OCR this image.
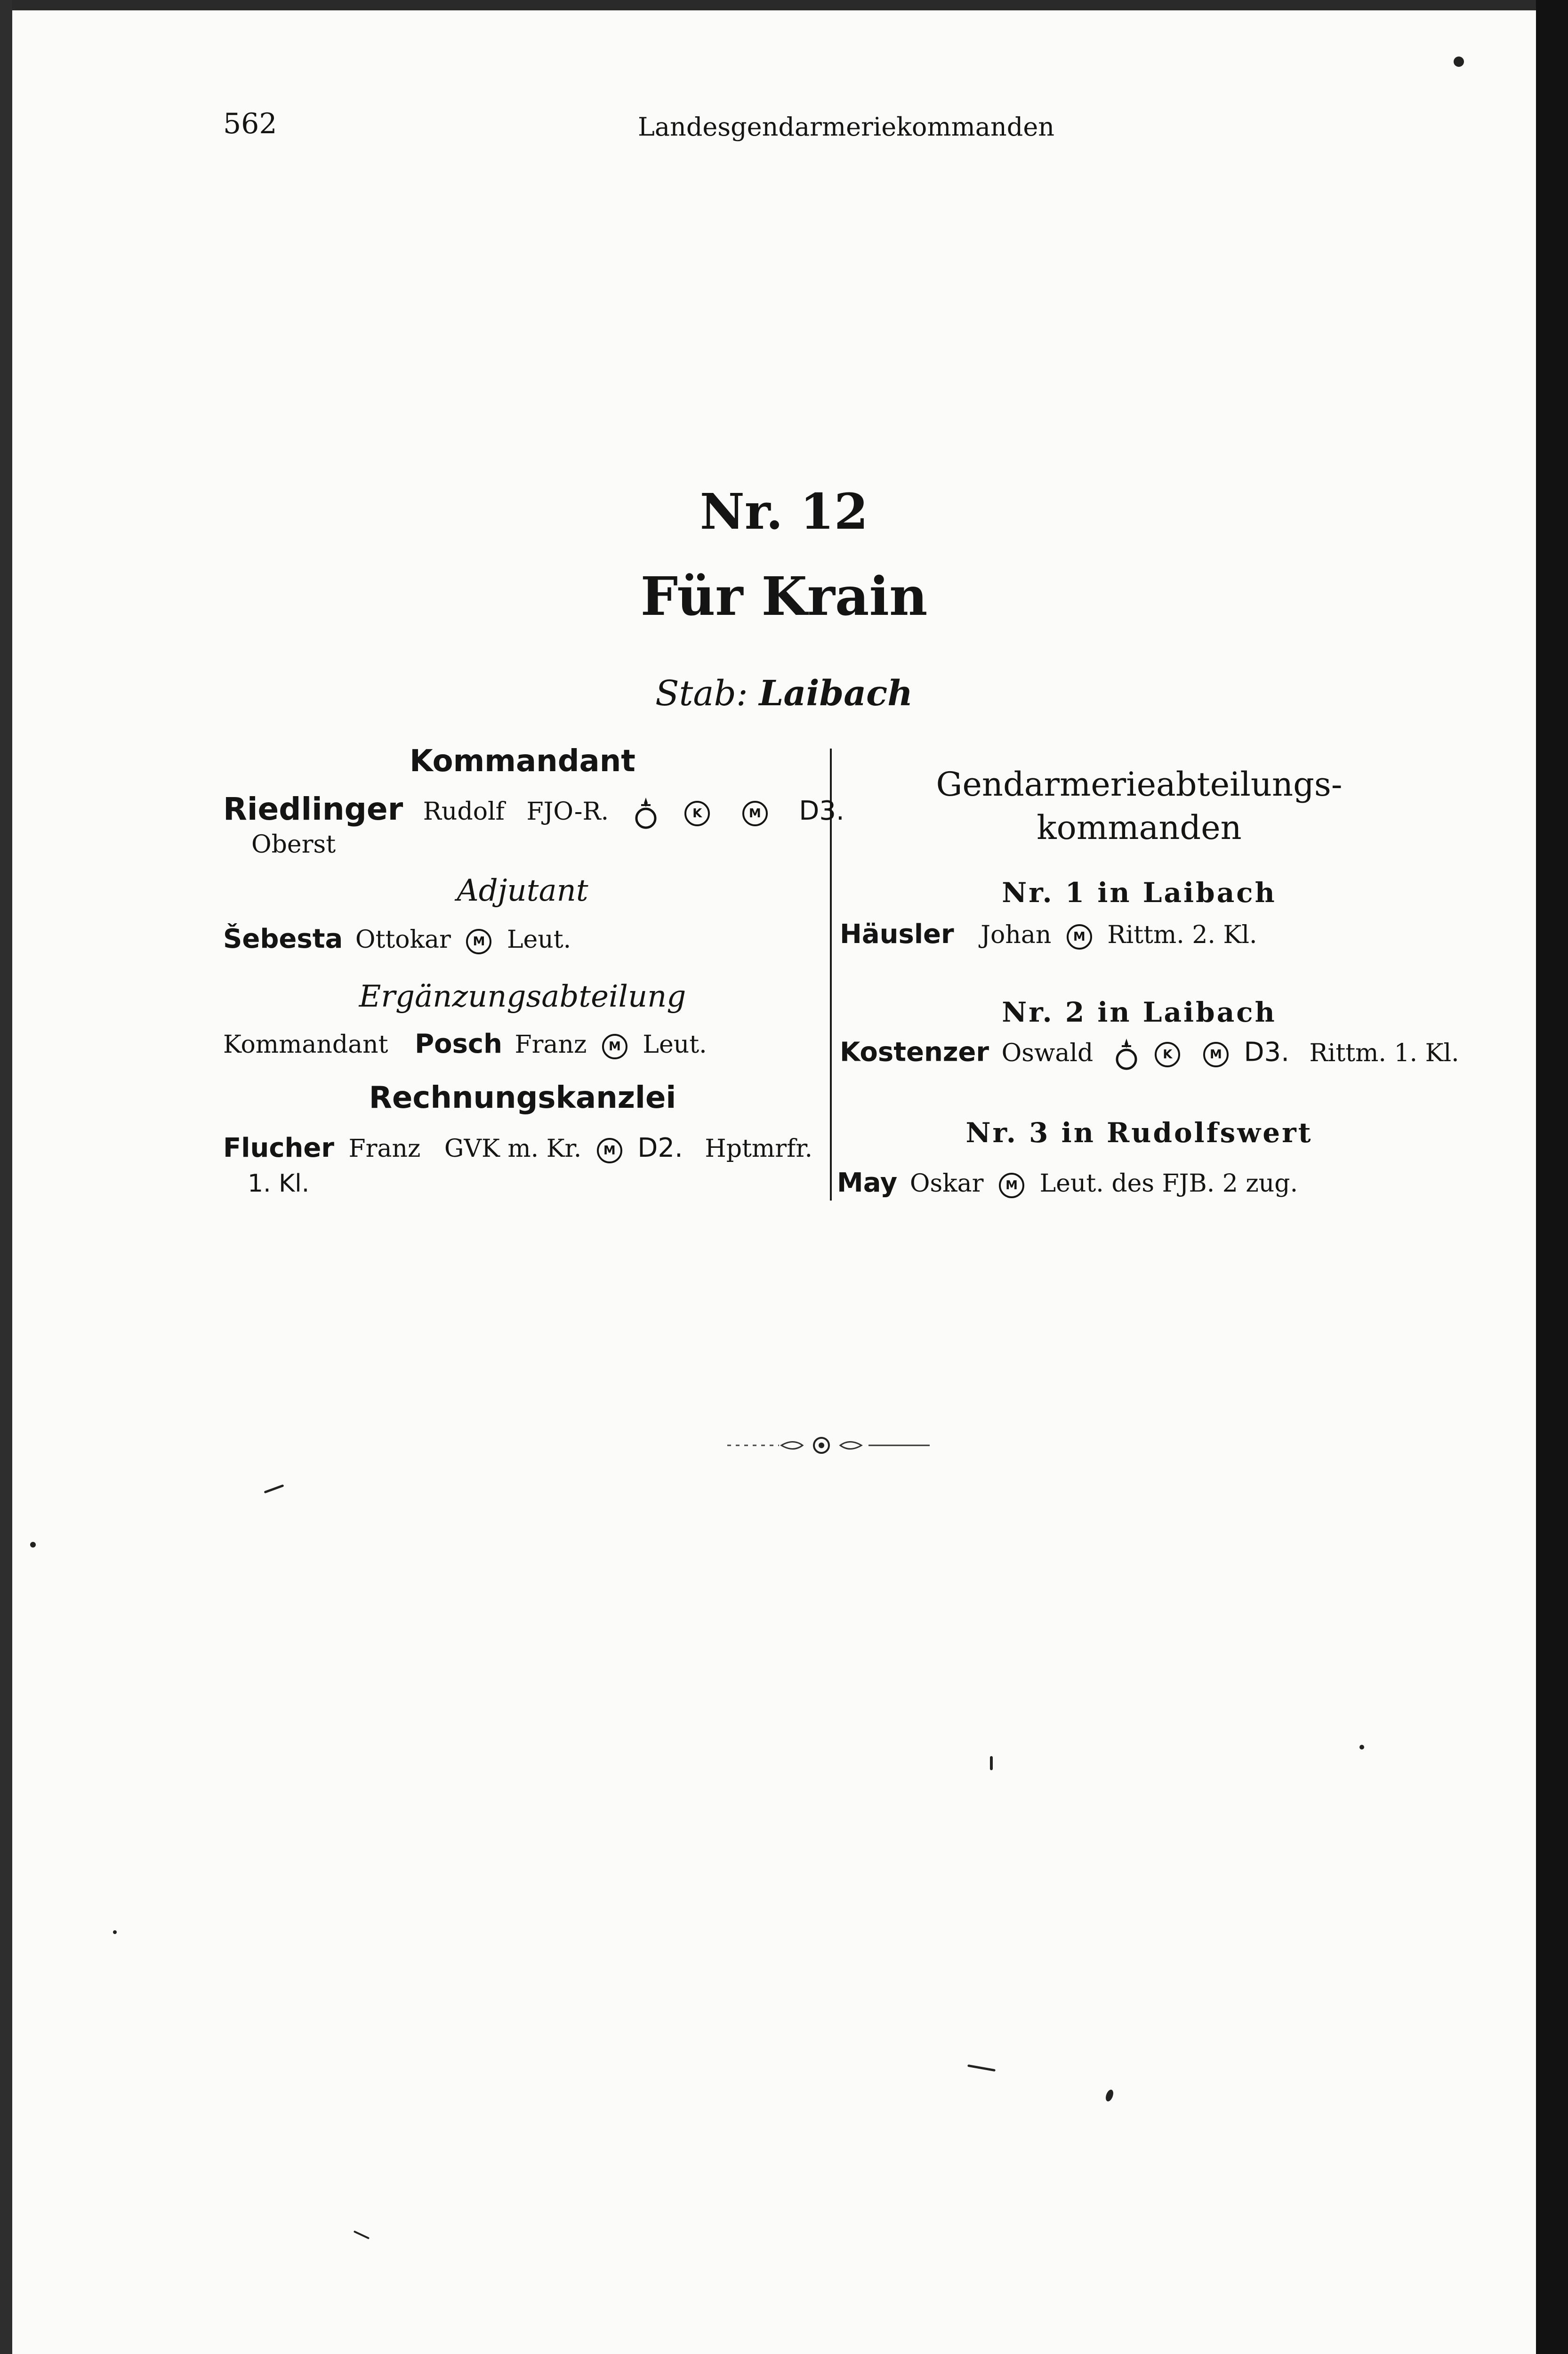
562	Landesgendarmeriekommanden
Nr. 12
Für Krain
Stab: Laibach
Kommandant
Riedlinger Rudolf FJO-R.	K	M D3.
Oberst
Adjutant
Šebesta Ottokar M Leut.
Ergänzungsabteilung
Kommandant Posch Franz M Leut.
Rechnungskanzlei
Flucher Franz GVK m. Kr. M D2. Hptmrfr.
1. Kl.
Gendarmerieabteilungs-
kommanden
Nr. 1 in Laibach
Häusler Johan M Rittm. 2. Kl.
Nr. 2 in Laibach
Kostenzer Oswald	K	M D3. Rittm. 1. Kl.
Nr. 3 in Rudolfswert
May Oskar M Leut. des FJB. 2 zug.
